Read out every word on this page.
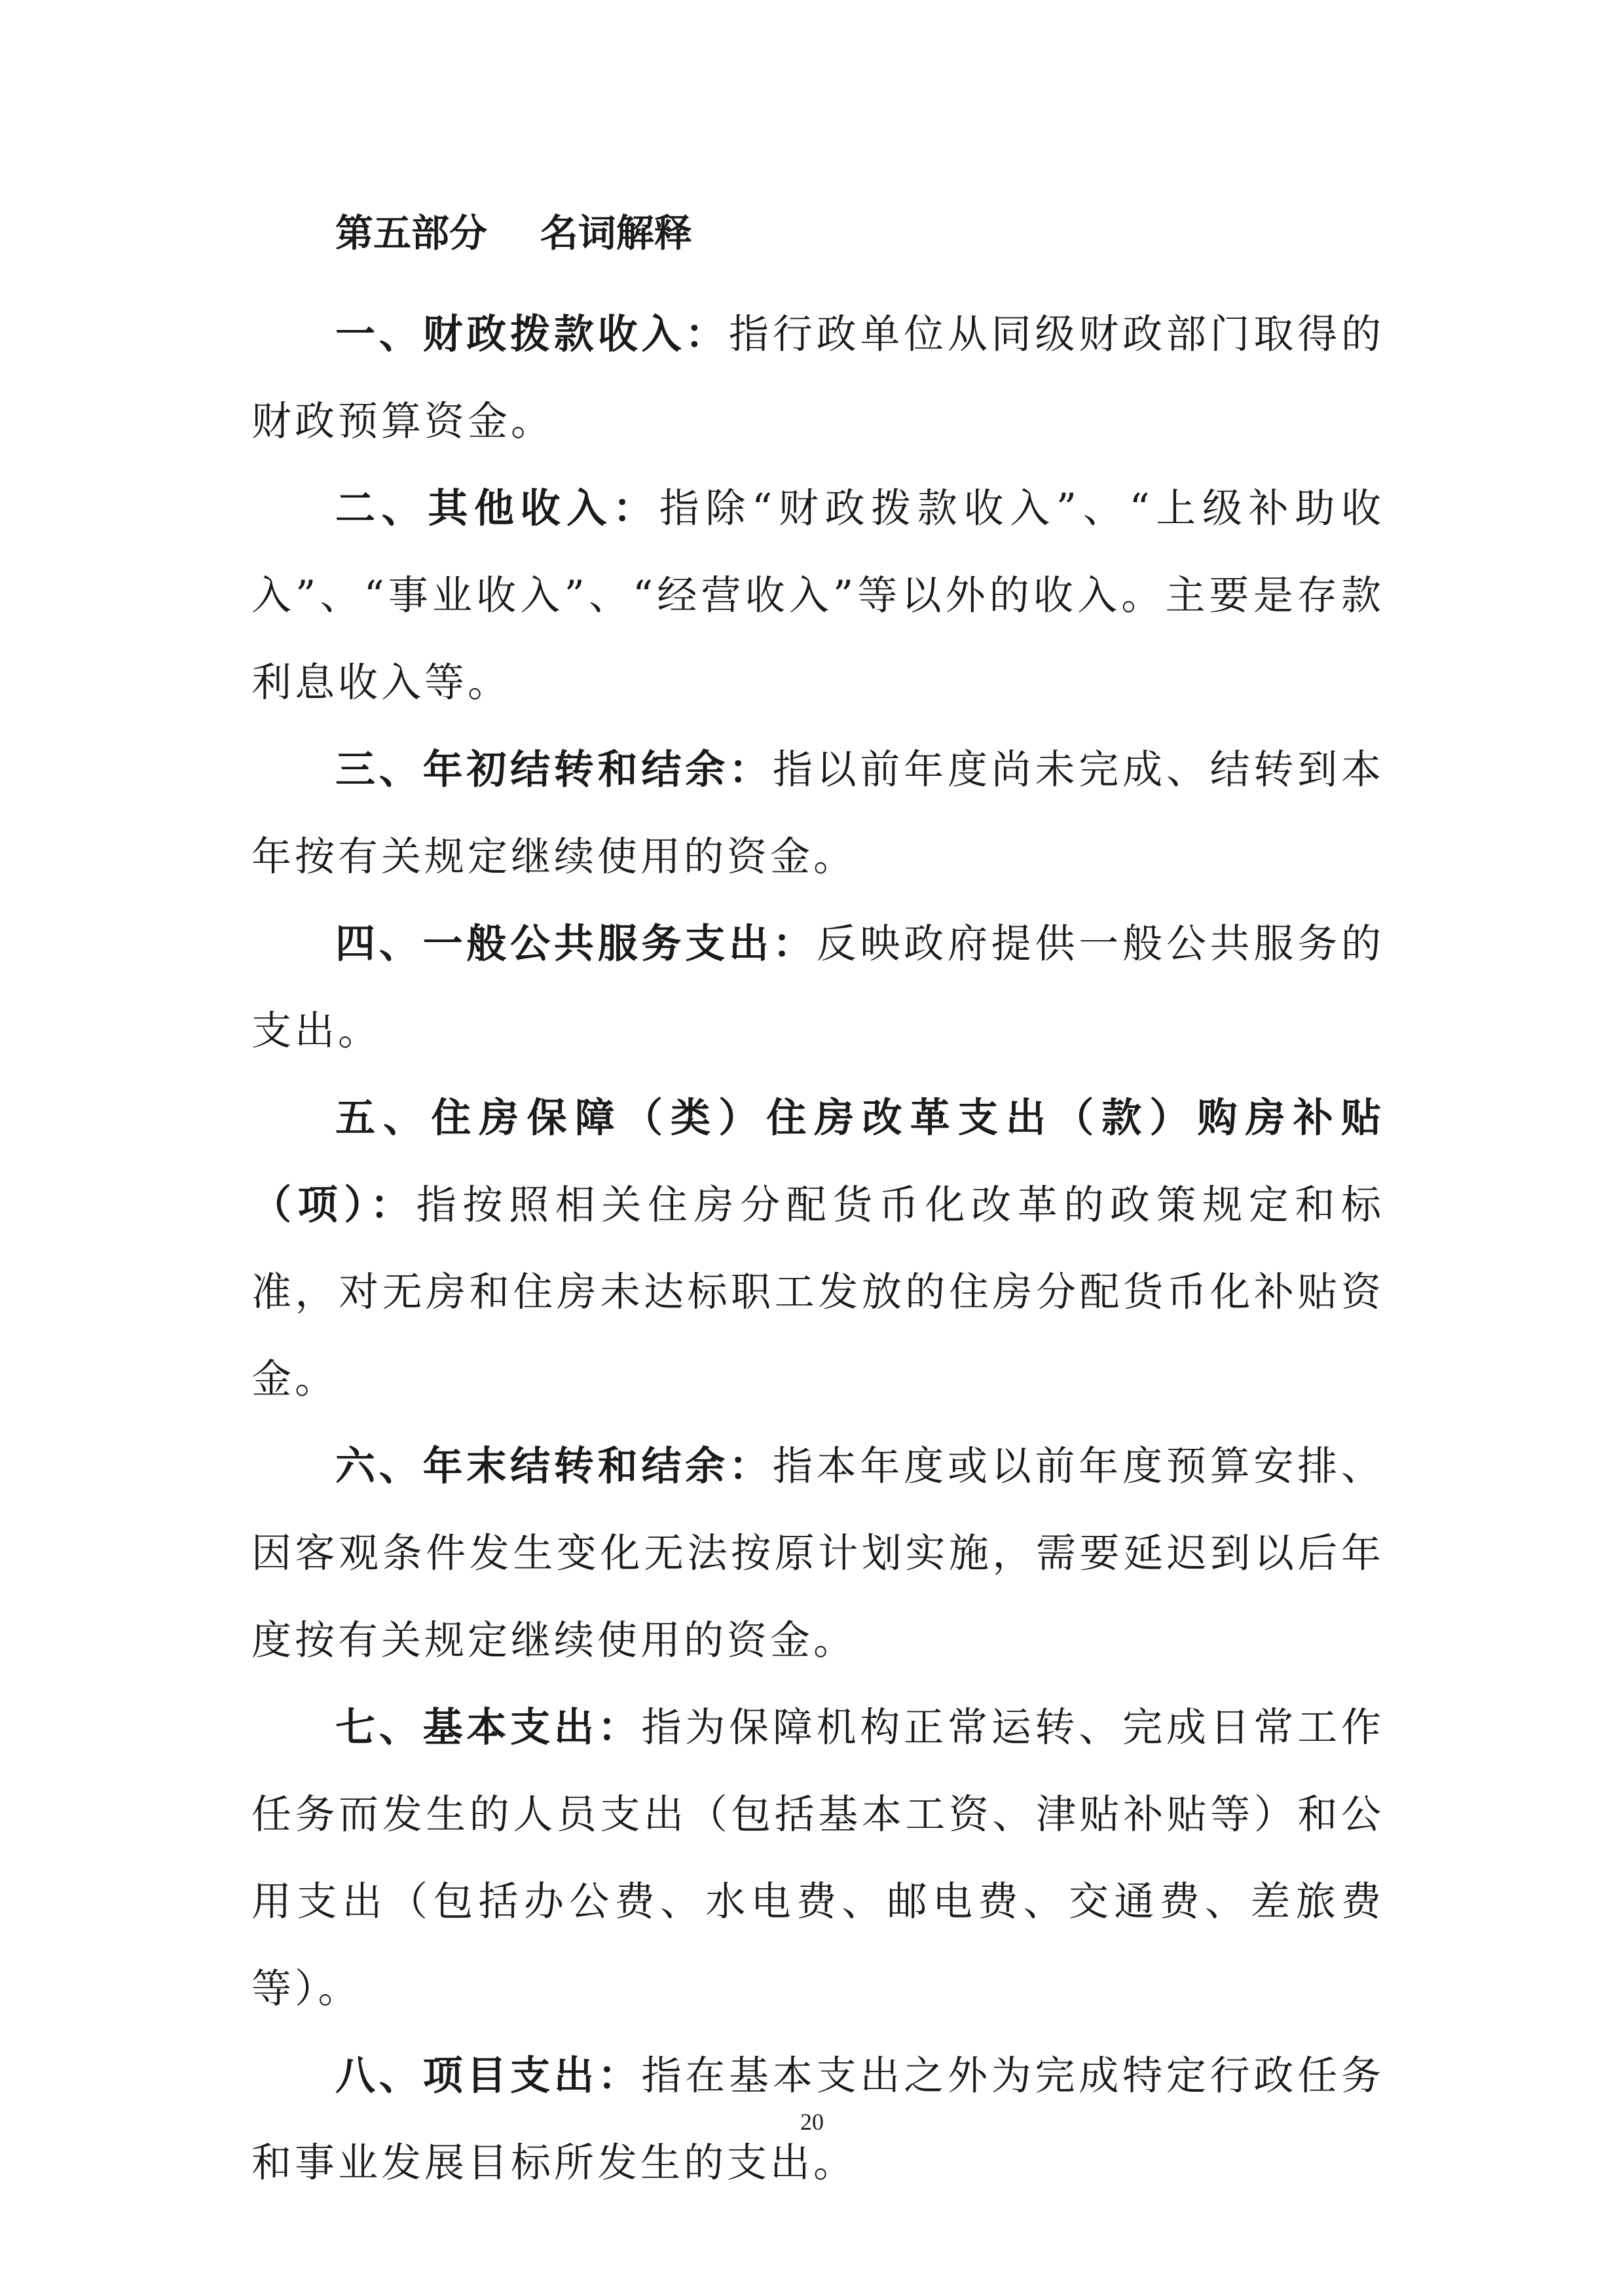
第五部分    名词解释

一、财政拨款收入：指行政单位从同级财政部门取得的财政预算资金。

二、其他收入：指除“财政拨款收入”、“上级补助收入”、“事业收入”、“经营收入”等以外的收入。主要是存款利息收入等。

三、年初结转和结余：指以前年度尚未完成、结转到本年按有关规定继续使用的资金。

四、一般公共服务支出：反映政府提供一般公共服务的支出。

五、住房保障（类）住房改革支出（款）购房补贴（项）：指按照相关住房分配货币化改革的政策规定和标准，对无房和住房未达标职工发放的住房分配货币化补贴资金。

六、年末结转和结余：指本年度或以前年度预算安排、因客观条件发生变化无法按原计划实施，需要延迟到以后年度按有关规定继续使用的资金。

七、基本支出：指为保障机构正常运转、完成日常工作任务而发生的人员支出（包括基本工资、津贴补贴等）和公用支出（包括办公费、水电费、邮电费、交通费、差旅费等）。

八、项目支出：指在基本支出之外为完成特定行政任务和事业发展目标所发生的支出。

20
